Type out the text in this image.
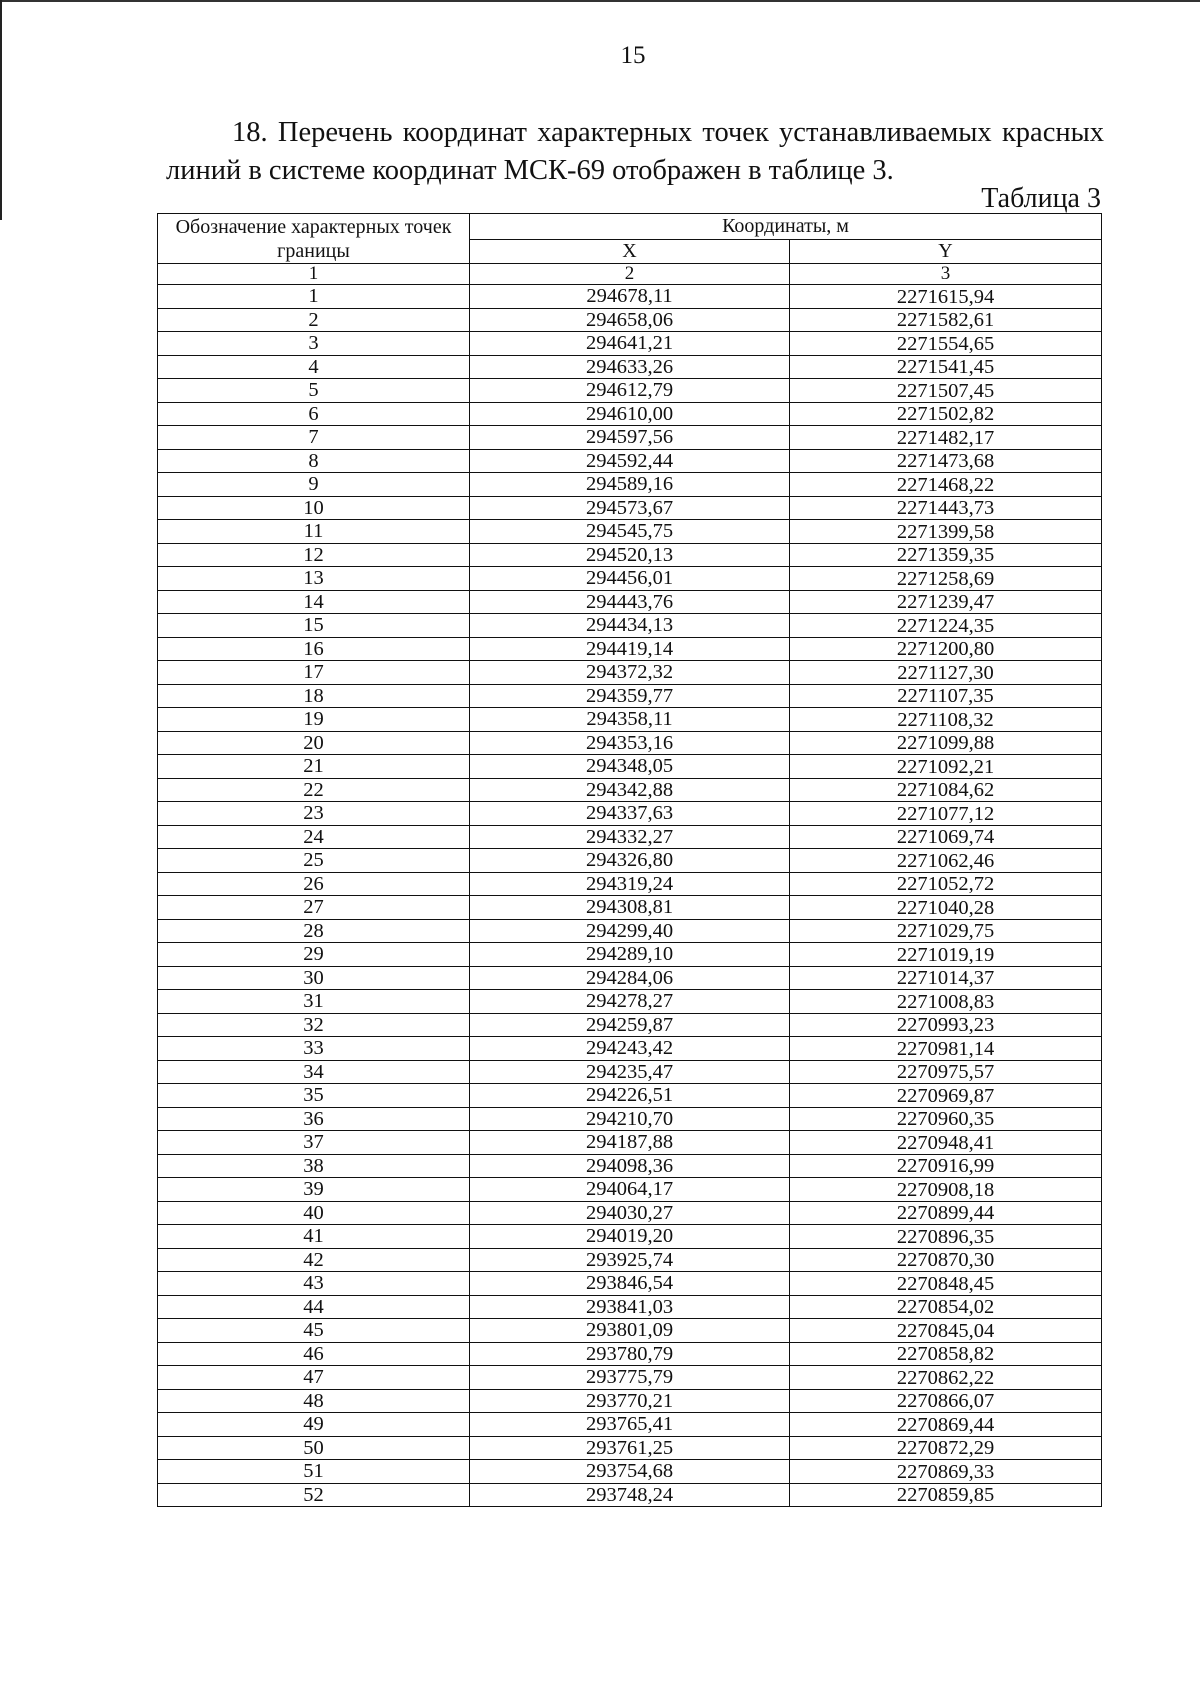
15

18. Перечень координат характерных точек устанавливаемых красных линий в системе координат МСК-69 отображен в таблице 3.

Таблица 3
Обозначение характерных точек границы	Координаты, м	
	X	Y
1	2	3
1	294678,11	2271615,94
2	294658,06	2271582,61
3	294641,21	2271554,65
4	294633,26	2271541,45
5	294612,79	2271507,45
6	294610,00	2271502,82
7	294597,56	2271482,17
8	294592,44	2271473,68
9	294589,16	2271468,22
10	294573,67	2271443,73
11	294545,75	2271399,58
12	294520,13	2271359,35
13	294456,01	2271258,69
14	294443,76	2271239,47
15	294434,13	2271224,35
16	294419,14	2271200,80
17	294372,32	2271127,30
18	294359,77	2271107,35
19	294358,11	2271108,32
20	294353,16	2271099,88
21	294348,05	2271092,21
22	294342,88	2271084,62
23	294337,63	2271077,12
24	294332,27	2271069,74
25	294326,80	2271062,46
26	294319,24	2271052,72
27	294308,81	2271040,28
28	294299,40	2271029,75
29	294289,10	2271019,19
30	294284,06	2271014,37
31	294278,27	2271008,83
32	294259,87	2270993,23
33	294243,42	2270981,14
34	294235,47	2270975,57
35	294226,51	2270969,87
36	294210,70	2270960,35
37	294187,88	2270948,41
38	294098,36	2270916,99
39	294064,17	2270908,18
40	294030,27	2270899,44
41	294019,20	2270896,35
42	293925,74	2270870,30
43	293846,54	2270848,45
44	293841,03	2270854,02
45	293801,09	2270845,04
46	293780,79	2270858,82
47	293775,79	2270862,22
48	293770,21	2270866,07
49	293765,41	2270869,44
50	293761,25	2270872,29
51	293754,68	2270869,33
52	293748,24	2270859,85
